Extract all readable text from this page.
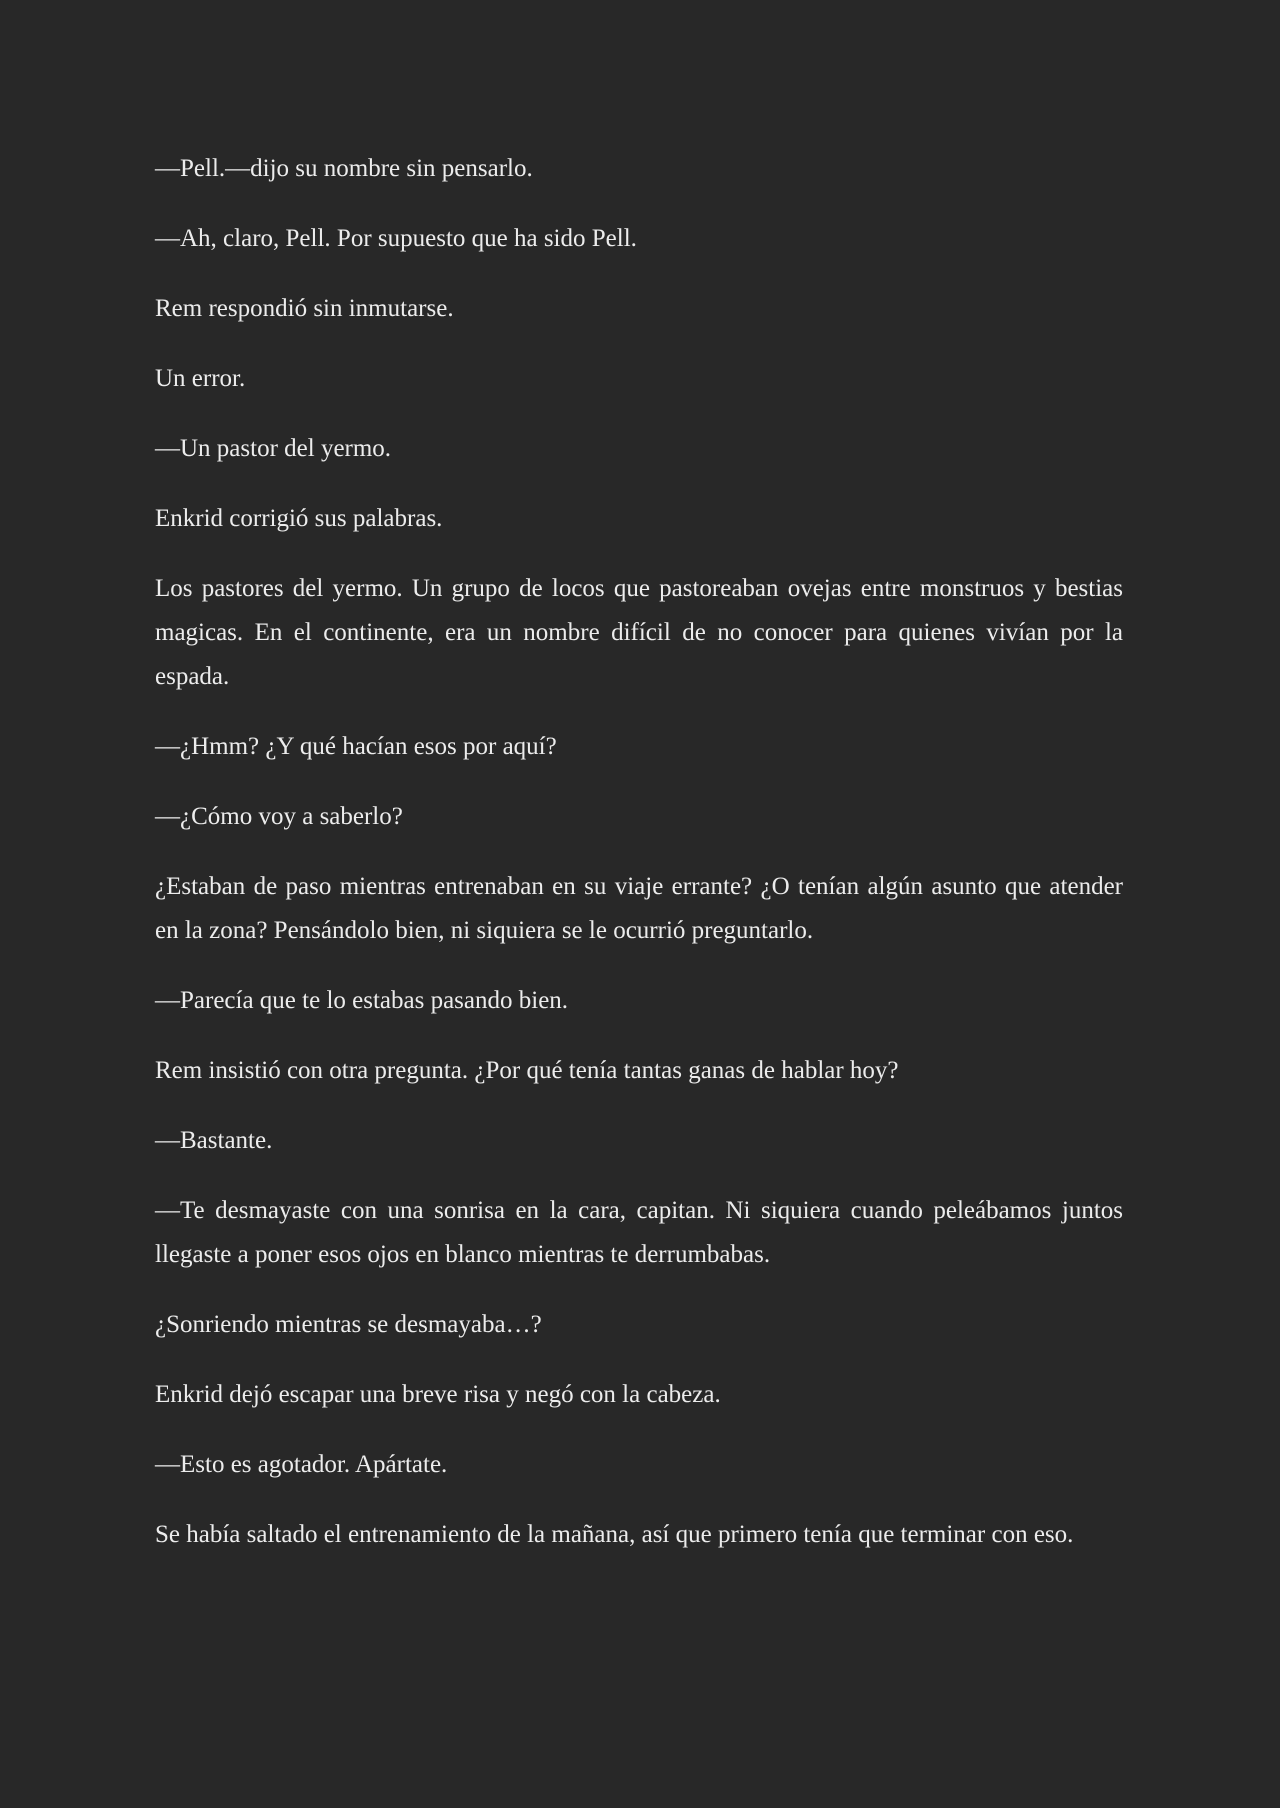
—Pell.—dijo su nombre sin pensarlo.

—Ah, claro, Pell. Por supuesto que ha sido Pell.

Rem respondió sin inmutarse.

Un error.

—Un pastor del yermo.

Enkrid corrigió sus palabras.

Los pastores del yermo. Un grupo de locos que pastoreaban ovejas entre monstruos y bestias magicas. En el continente, era un nombre difícil de no conocer para quienes vivían por la espada.

—¿Hmm? ¿Y qué hacían esos por aquí?

—¿Cómo voy a saberlo?

¿Estaban de paso mientras entrenaban en su viaje errante? ¿O tenían algún asunto que atender en la zona? Pensándolo bien, ni siquiera se le ocurrió preguntarlo.

—Parecía que te lo estabas pasando bien.

Rem insistió con otra pregunta. ¿Por qué tenía tantas ganas de hablar hoy?

—Bastante.

—Te desmayaste con una sonrisa en la cara, capitan. Ni siquiera cuando peleábamos juntos llegaste a poner esos ojos en blanco mientras te derrumbabas.

¿Sonriendo mientras se desmayaba…?

Enkrid dejó escapar una breve risa y negó con la cabeza.

—Esto es agotador. Apártate.

Se había saltado el entrenamiento de la mañana, así que primero tenía que terminar con eso.
